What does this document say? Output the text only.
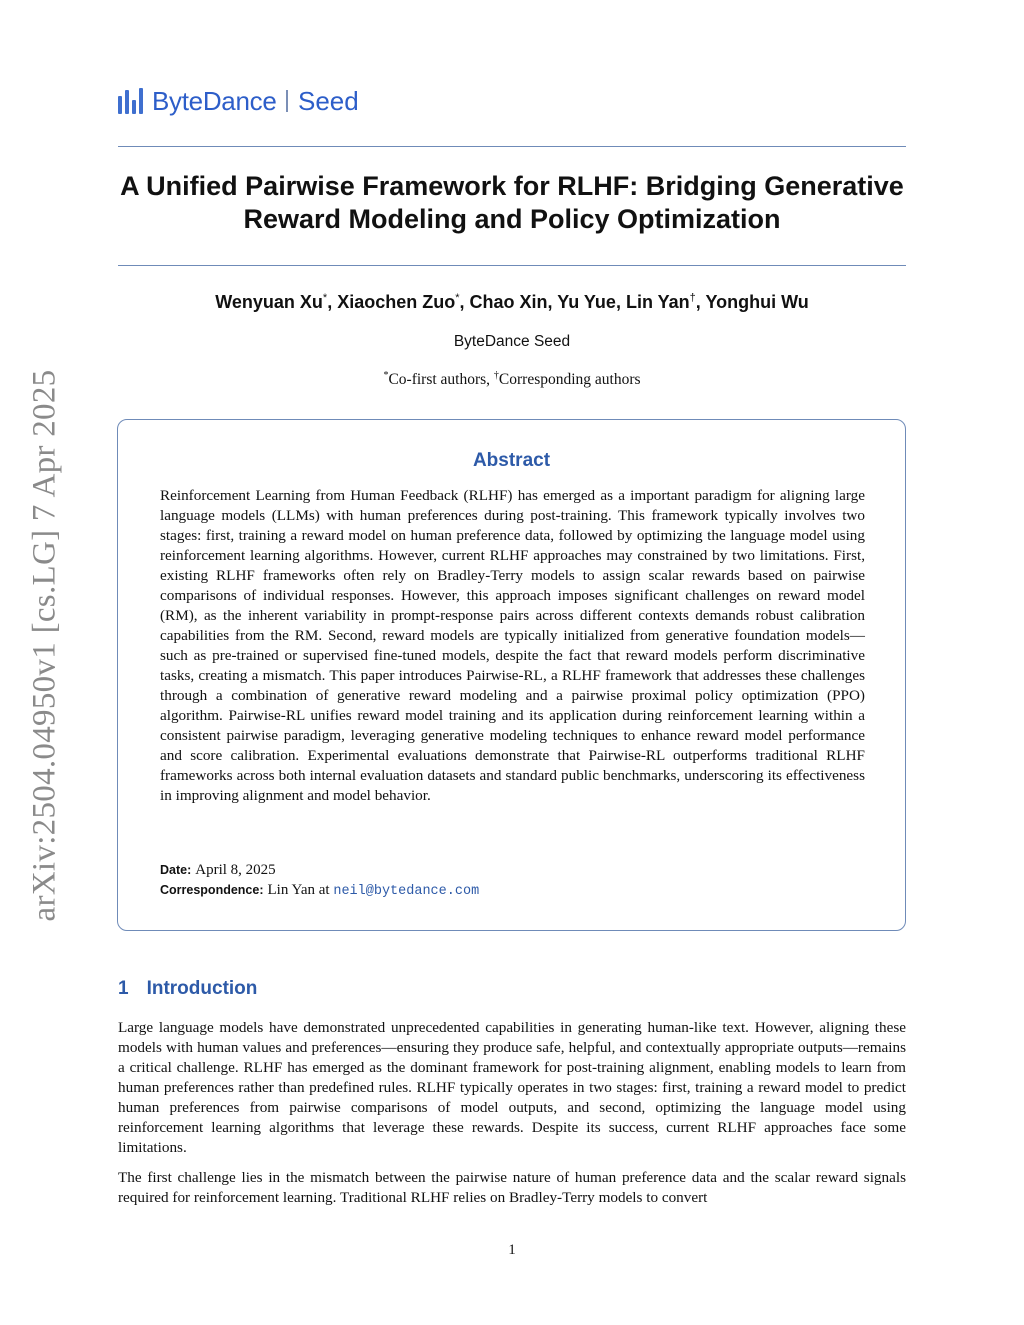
arXiv:2504.04950v1 [cs.LG] 7 Apr 2025
ByteDance Seed
A Unified Pairwise Framework for RLHF: Bridging Generative Reward Modeling and Policy Optimization
Wenyuan Xu*, Xiaochen Zuo*, Chao Xin, Yu Yue, Lin Yan†, Yonghui Wu
ByteDance Seed
*Co-first authors, †Corresponding authors
Abstract
Reinforcement Learning from Human Feedback (RLHF) has emerged as a important paradigm for aligning large language models (LLMs) with human preferences during post-training. This framework typically involves two stages: first, training a reward model on human preference data, followed by optimizing the language model using reinforcement learning algorithms. However, current RLHF approaches may constrained by two limitations. First, existing RLHF frameworks often rely on Bradley-Terry models to assign scalar rewards based on pairwise comparisons of individual responses. However, this approach imposes significant challenges on reward model (RM), as the inherent variability in prompt-response pairs across different contexts demands robust calibration capabilities from the RM. Second, reward models are typically initialized from generative foundation models—such as pre-trained or supervised fine-tuned models, despite the fact that reward models perform discriminative tasks, creating a mismatch. This paper introduces Pairwise-RL, a RLHF framework that addresses these challenges through a combination of generative reward modeling and a pairwise proximal policy optimization (PPO) algorithm. Pairwise-RL unifies reward model training and its application during reinforcement learning within a consistent pairwise paradigm, leveraging generative modeling techniques to enhance reward model performance and score calibration. Experimental evaluations demonstrate that Pairwise-RL outperforms traditional RLHF frameworks across both internal evaluation datasets and standard public benchmarks, underscoring its effectiveness in improving alignment and model behavior.
Date: April 8, 2025
Correspondence: Lin Yan at neil@bytedance.com
1 Introduction
Large language models have demonstrated unprecedented capabilities in generating human-like text. However, aligning these models with human values and preferences—ensuring they produce safe, helpful, and contextually appropriate outputs—remains a critical challenge. RLHF has emerged as the dominant framework for post-training alignment, enabling models to learn from human preferences rather than predefined rules. RLHF typically operates in two stages: first, training a reward model to predict human preferences from pairwise comparisons of model outputs, and second, optimizing the language model using reinforcement learning algorithms that leverage these rewards. Despite its success, current RLHF approaches face some limitations.
The first challenge lies in the mismatch between the pairwise nature of human preference data and the scalar reward signals required for reinforcement learning. Traditional RLHF relies on Bradley-Terry models to convert
1
